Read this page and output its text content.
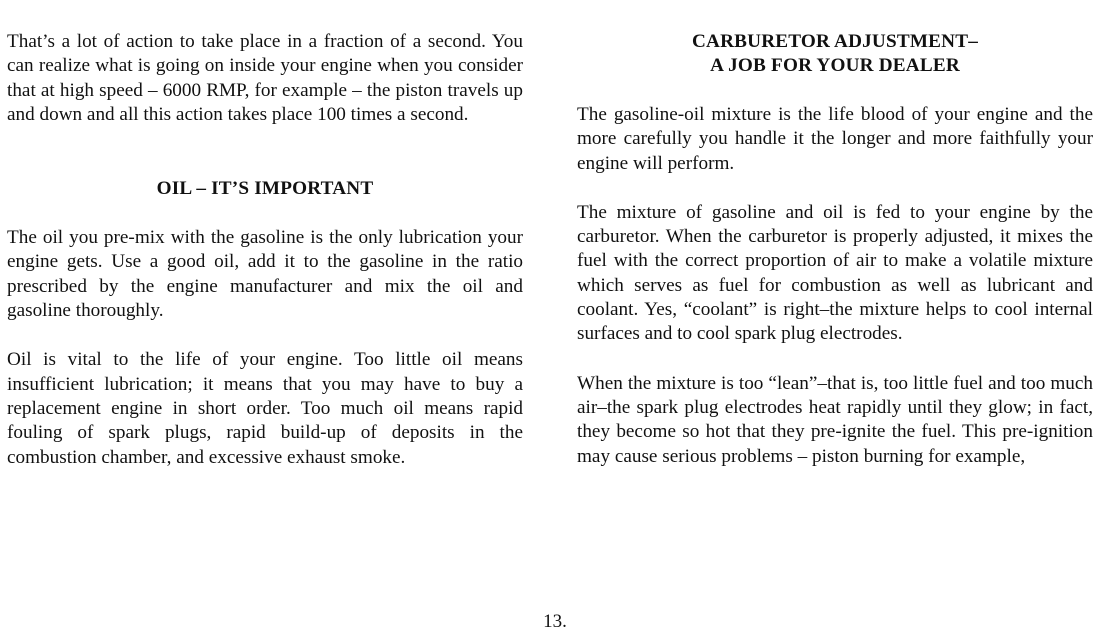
That’s a lot of action to take place in a fraction of a second. You can realize what is going on inside your engine when you consider that at high speed – 6000 RMP, for example – the piston travels up and down and all this action takes place 100 times a second.

OIL – IT’S IMPORTANT

The oil you pre-mix with the gasoline is the only lubrication your engine gets. Use a good oil, add it to the gasoline in the ratio prescribed by the engine manufacturer and mix the oil and gasoline thoroughly.

Oil is vital to the life of your engine. Too little oil means insufficient lubrication; it means that you may have to buy a replacement engine in short order. Too much oil means rapid fouling of spark plugs, rapid build-up of deposits in the combustion chamber, and excessive exhaust smoke.

CARBURETOR ADJUSTMENT–
A JOB FOR YOUR DEALER

The gasoline-oil mixture is the life blood of your engine and the more carefully you handle it the longer and more faithfully your engine will perform.

The mixture of gasoline and oil is fed to your engine by the carburetor. When the carburetor is properly adjusted, it mixes the fuel with the correct proportion of air to make a volatile mixture which serves as fuel for combustion as well as lubricant and coolant. Yes, “coolant” is right–the mixture helps to cool internal surfaces and to cool spark plug electrodes.

When the mixture is too “lean”–that is, too little fuel and too much air–the spark plug electrodes heat rapidly until they glow; in fact, they become so hot that they pre-ignite the fuel. This pre-ignition may cause serious problems – piston burning for example,

13.
